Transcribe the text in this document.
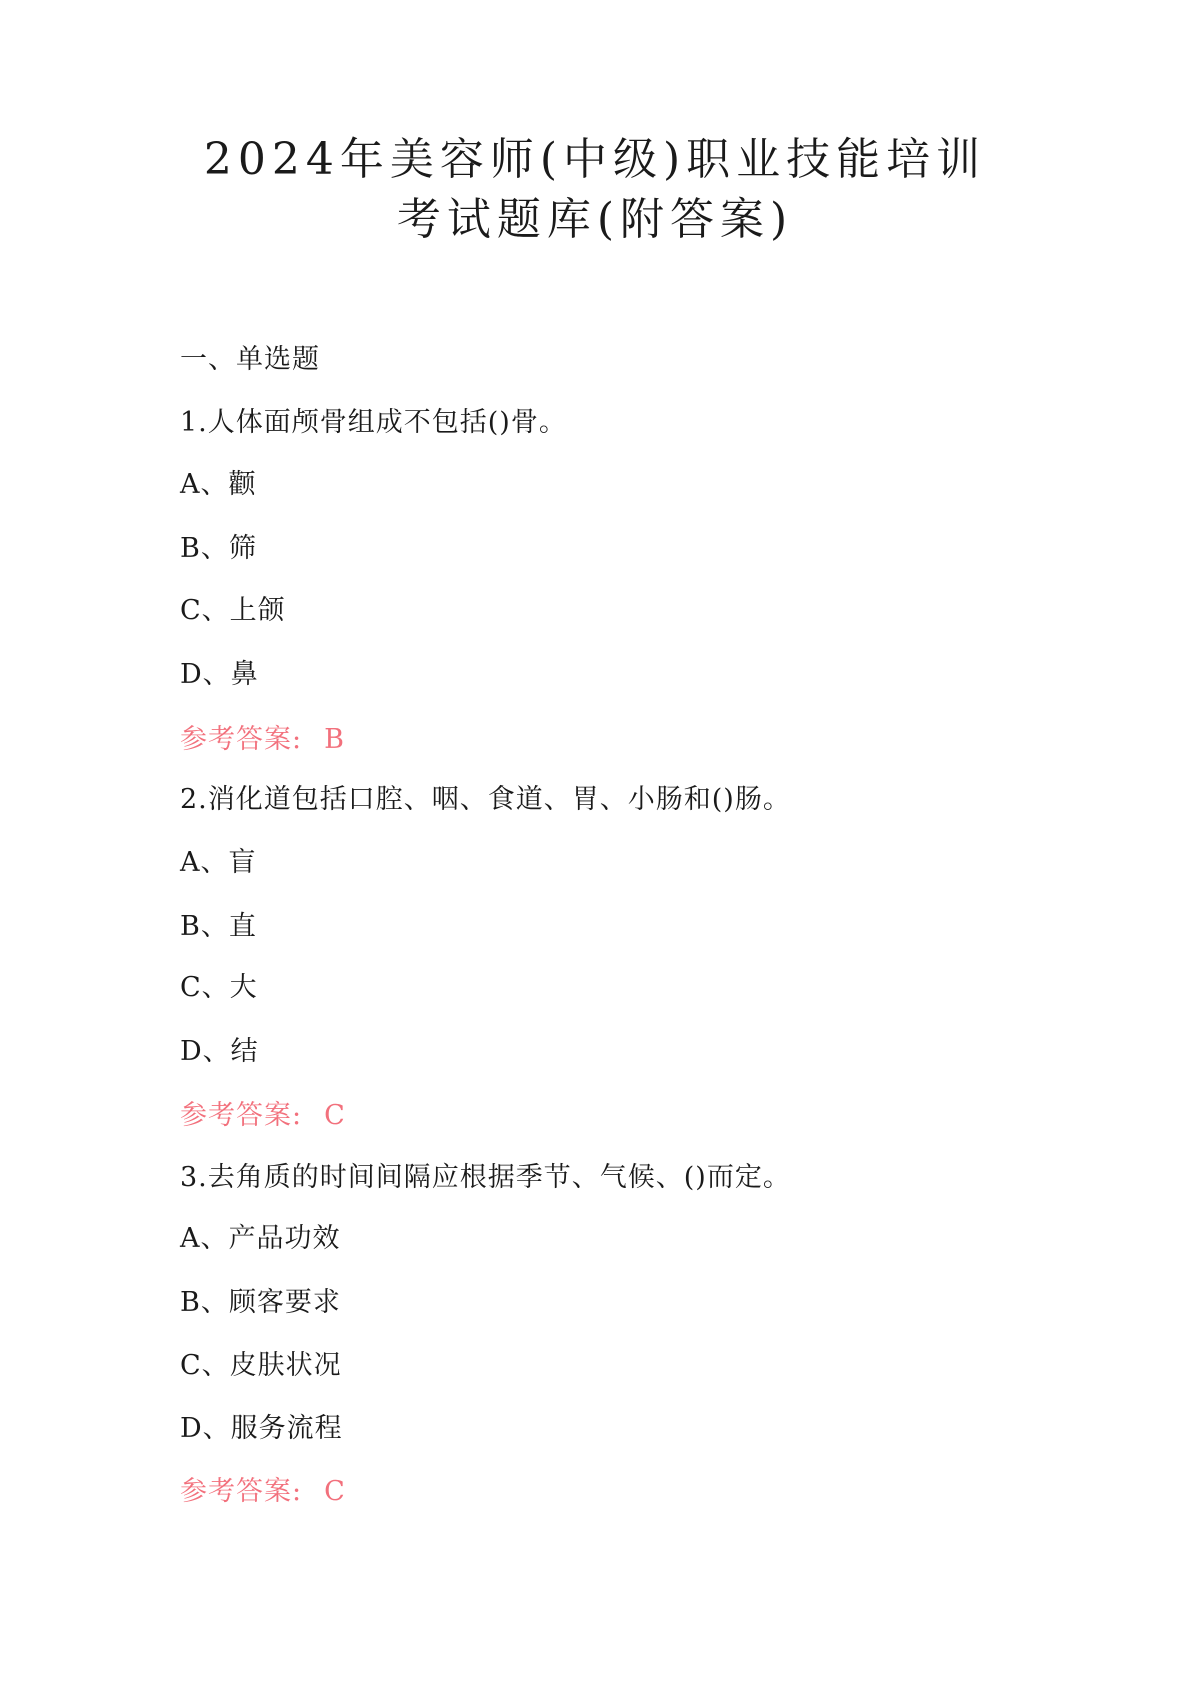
2024年美容师(中级)职业技能培训
考试题库(附答案)
一、单选题
1.人体面颅骨组成不包括()骨。
A、颧
B、筛
C、上颌
D、鼻
参考答案: B
2.消化道包括口腔、咽、食道、胃、小肠和()肠。
A、盲
B、直
C、大
D、结
参考答案: C
3.去角质的时间间隔应根据季节、气候、()而定。
A、产品功效
B、顾客要求
C、皮肤状况
D、服务流程
参考答案: C
